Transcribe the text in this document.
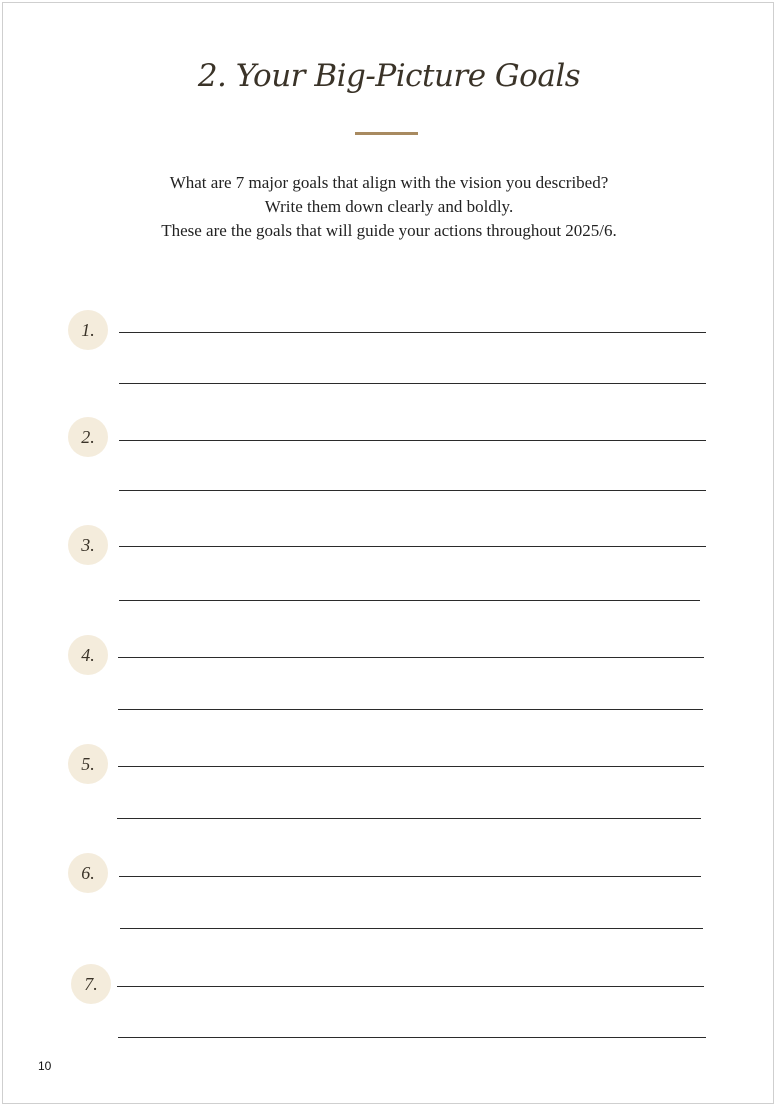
2. Your Big-Picture Goals
What are 7 major goals that align with the vision you described?
Write them down clearly and boldly.
These are the goals that will guide your actions throughout 2025/6.
1.
2.
3.
4.
5.
6.
7.
10
